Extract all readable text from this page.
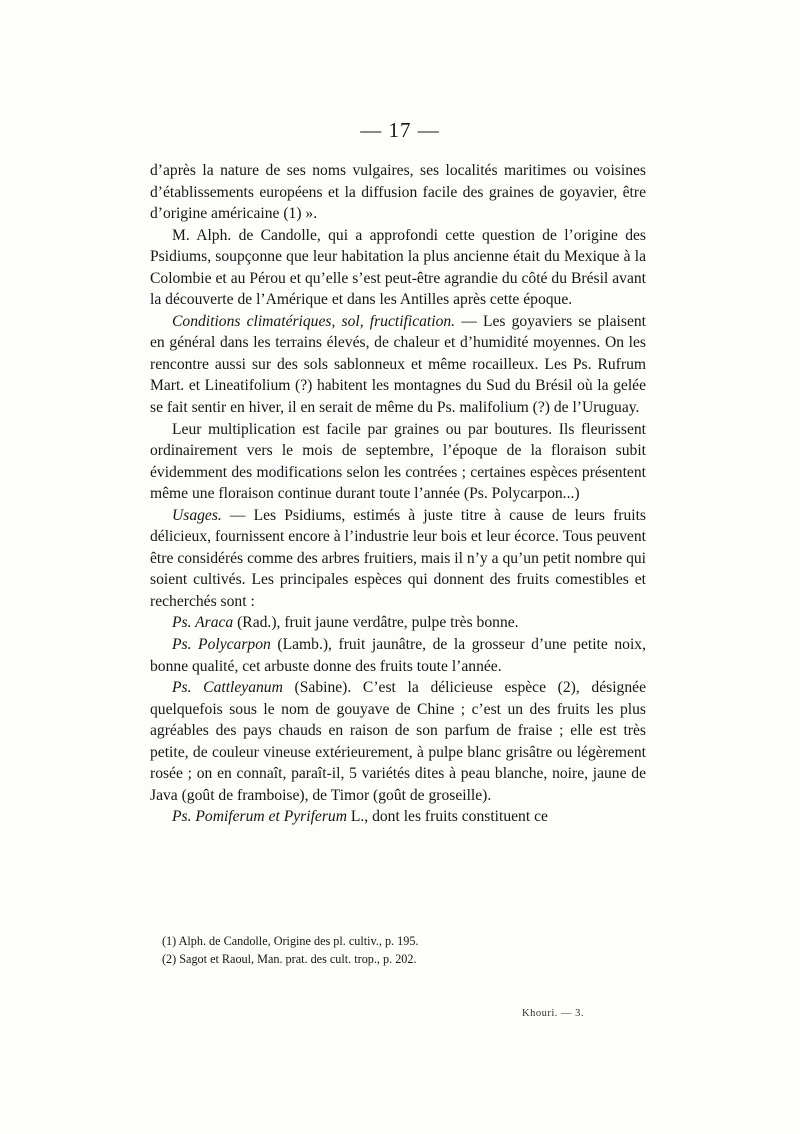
— 17 —

d’après la nature de ses noms vulgaires, ses localités maritimes ou voisines d’établissements européens et la diffusion facile des graines de goyavier, être d’origine américaine (1) ».

M. Alph. de Candolle, qui a approfondi cette question de l’origine des Psidiums, soupçonne que leur habitation la plus ancienne était du Mexique à la Colombie et au Pérou et qu’elle s’est peut-être agrandie du côté du Brésil avant la découverte de l’Amérique et dans les Antilles après cette époque.

Conditions climatériques, sol, fructification. — Les goyaviers se plaisent en général dans les terrains élevés, de chaleur et d’humidité moyennes. On les rencontre aussi sur des sols sablonneux et même rocailleux. Les Ps. Rufrum Mart. et Lineatifolium (?) habitent les montagnes du Sud du Brésil où la gelée se fait sentir en hiver, il en serait de même du Ps. malifolium (?) de l’Uruguay.

Leur multiplication est facile par graines ou par boutures. Ils fleurissent ordinairement vers le mois de septembre, l’époque de la floraison subit évidemment des modifications selon les contrées ; certaines espèces présentent même une floraison continue durant toute l’année (Ps. Polycarpon...)

Usages. — Les Psidiums, estimés à juste titre à cause de leurs fruits délicieux, fournissent encore à l’industrie leur bois et leur écorce. Tous peuvent être considérés comme des arbres fruitiers, mais il n’y a qu’un petit nombre qui soient cultivés. Les principales espèces qui donnent des fruits comestibles et recherchés sont :

Ps. Araca (Rad.), fruit jaune verdâtre, pulpe très bonne.

Ps. Polycarpon (Lamb.), fruit jaunâtre, de la grosseur d’une petite noix, bonne qualité, cet arbuste donne des fruits toute l’année.

Ps. Cattleyanum (Sabine). C’est la délicieuse espèce (2), désignée quelquefois sous le nom de gouyave de Chine ; c’est un des fruits les plus agréables des pays chauds en raison de son parfum de fraise ; elle est très petite, de couleur vineuse extérieurement, à pulpe blanc grisâtre ou légèrement rosée ; on en connaît, paraît-il, 5 variétés dites à peau blanche, noire, jaune de Java (goût de framboise), de Timor (goût de groseille).

Ps. Pomiferum et Pyriferum L., dont les fruits constituent ce

(1) Alph. de Candolle, Origine des pl. cultiv., p. 195.
(2) Sagot et Raoul, Man. prat. des cult. trop., p. 202.
Khouri. — 3.
